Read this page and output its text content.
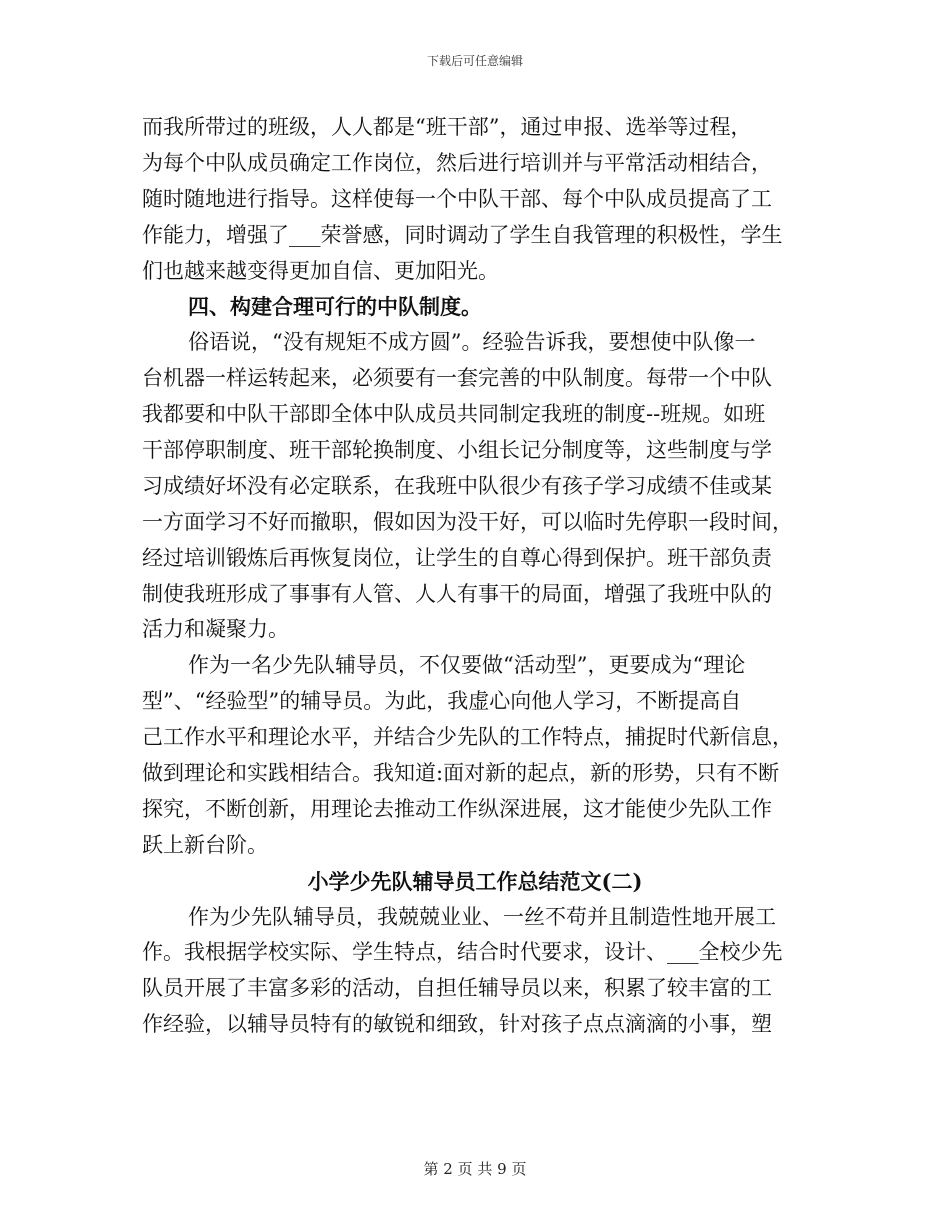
下载后可任意编辑
而我所带过的班级，人人都是“班干部”，通过申报、选举等过程，
为每个中队成员确定工作岗位，然后进行培训并与平常活动相结合，
随时随地进行指导。这样使每一个中队干部、每个中队成员提高了工
作能力，增强了___荣誉感，同时调动了学生自我管理的积极性，学生
们也越来越变得更加自信、更加阳光。
四、构建合理可行的中队制度。
俗语说，“没有规矩不成方圆”。经验告诉我，要想使中队像一
台机器一样运转起来，必须要有一套完善的中队制度。每带一个中队
我都要和中队干部即全体中队成员共同制定我班的制度--班规。如班
干部停职制度、班干部轮换制度、小组长记分制度等，这些制度与学
习成绩好坏没有必定联系，在我班中队很少有孩子学习成绩不佳或某
一方面学习不好而撤职，假如因为没干好，可以临时先停职一段时间，
经过培训锻炼后再恢复岗位，让学生的自尊心得到保护。班干部负责
制使我班形成了事事有人管、人人有事干的局面，增强了我班中队的
活力和凝聚力。
作为一名少先队辅导员，不仅要做“活动型”，更要成为“理论
型”、“经验型”的辅导员。为此，我虚心向他人学习，不断提高自
己工作水平和理论水平，并结合少先队的工作特点，捕捉时代新信息，
做到理论和实践相结合。我知道:面对新的起点，新的形势，只有不断
探究，不断创新，用理论去推动工作纵深进展，这才能使少先队工作
跃上新台阶。
小学少先队辅导员工作总结范文(二)
作为少先队辅导员，我兢兢业业、一丝不苟并且制造性地开展工
作。我根据学校实际、学生特点，结合时代要求，设计、___全校少先
队员开展了丰富多彩的活动，自担任辅导员以来，积累了较丰富的工
作经验，以辅导员特有的敏锐和细致，针对孩子点点滴滴的小事，塑
第 2 页 共 9 页
